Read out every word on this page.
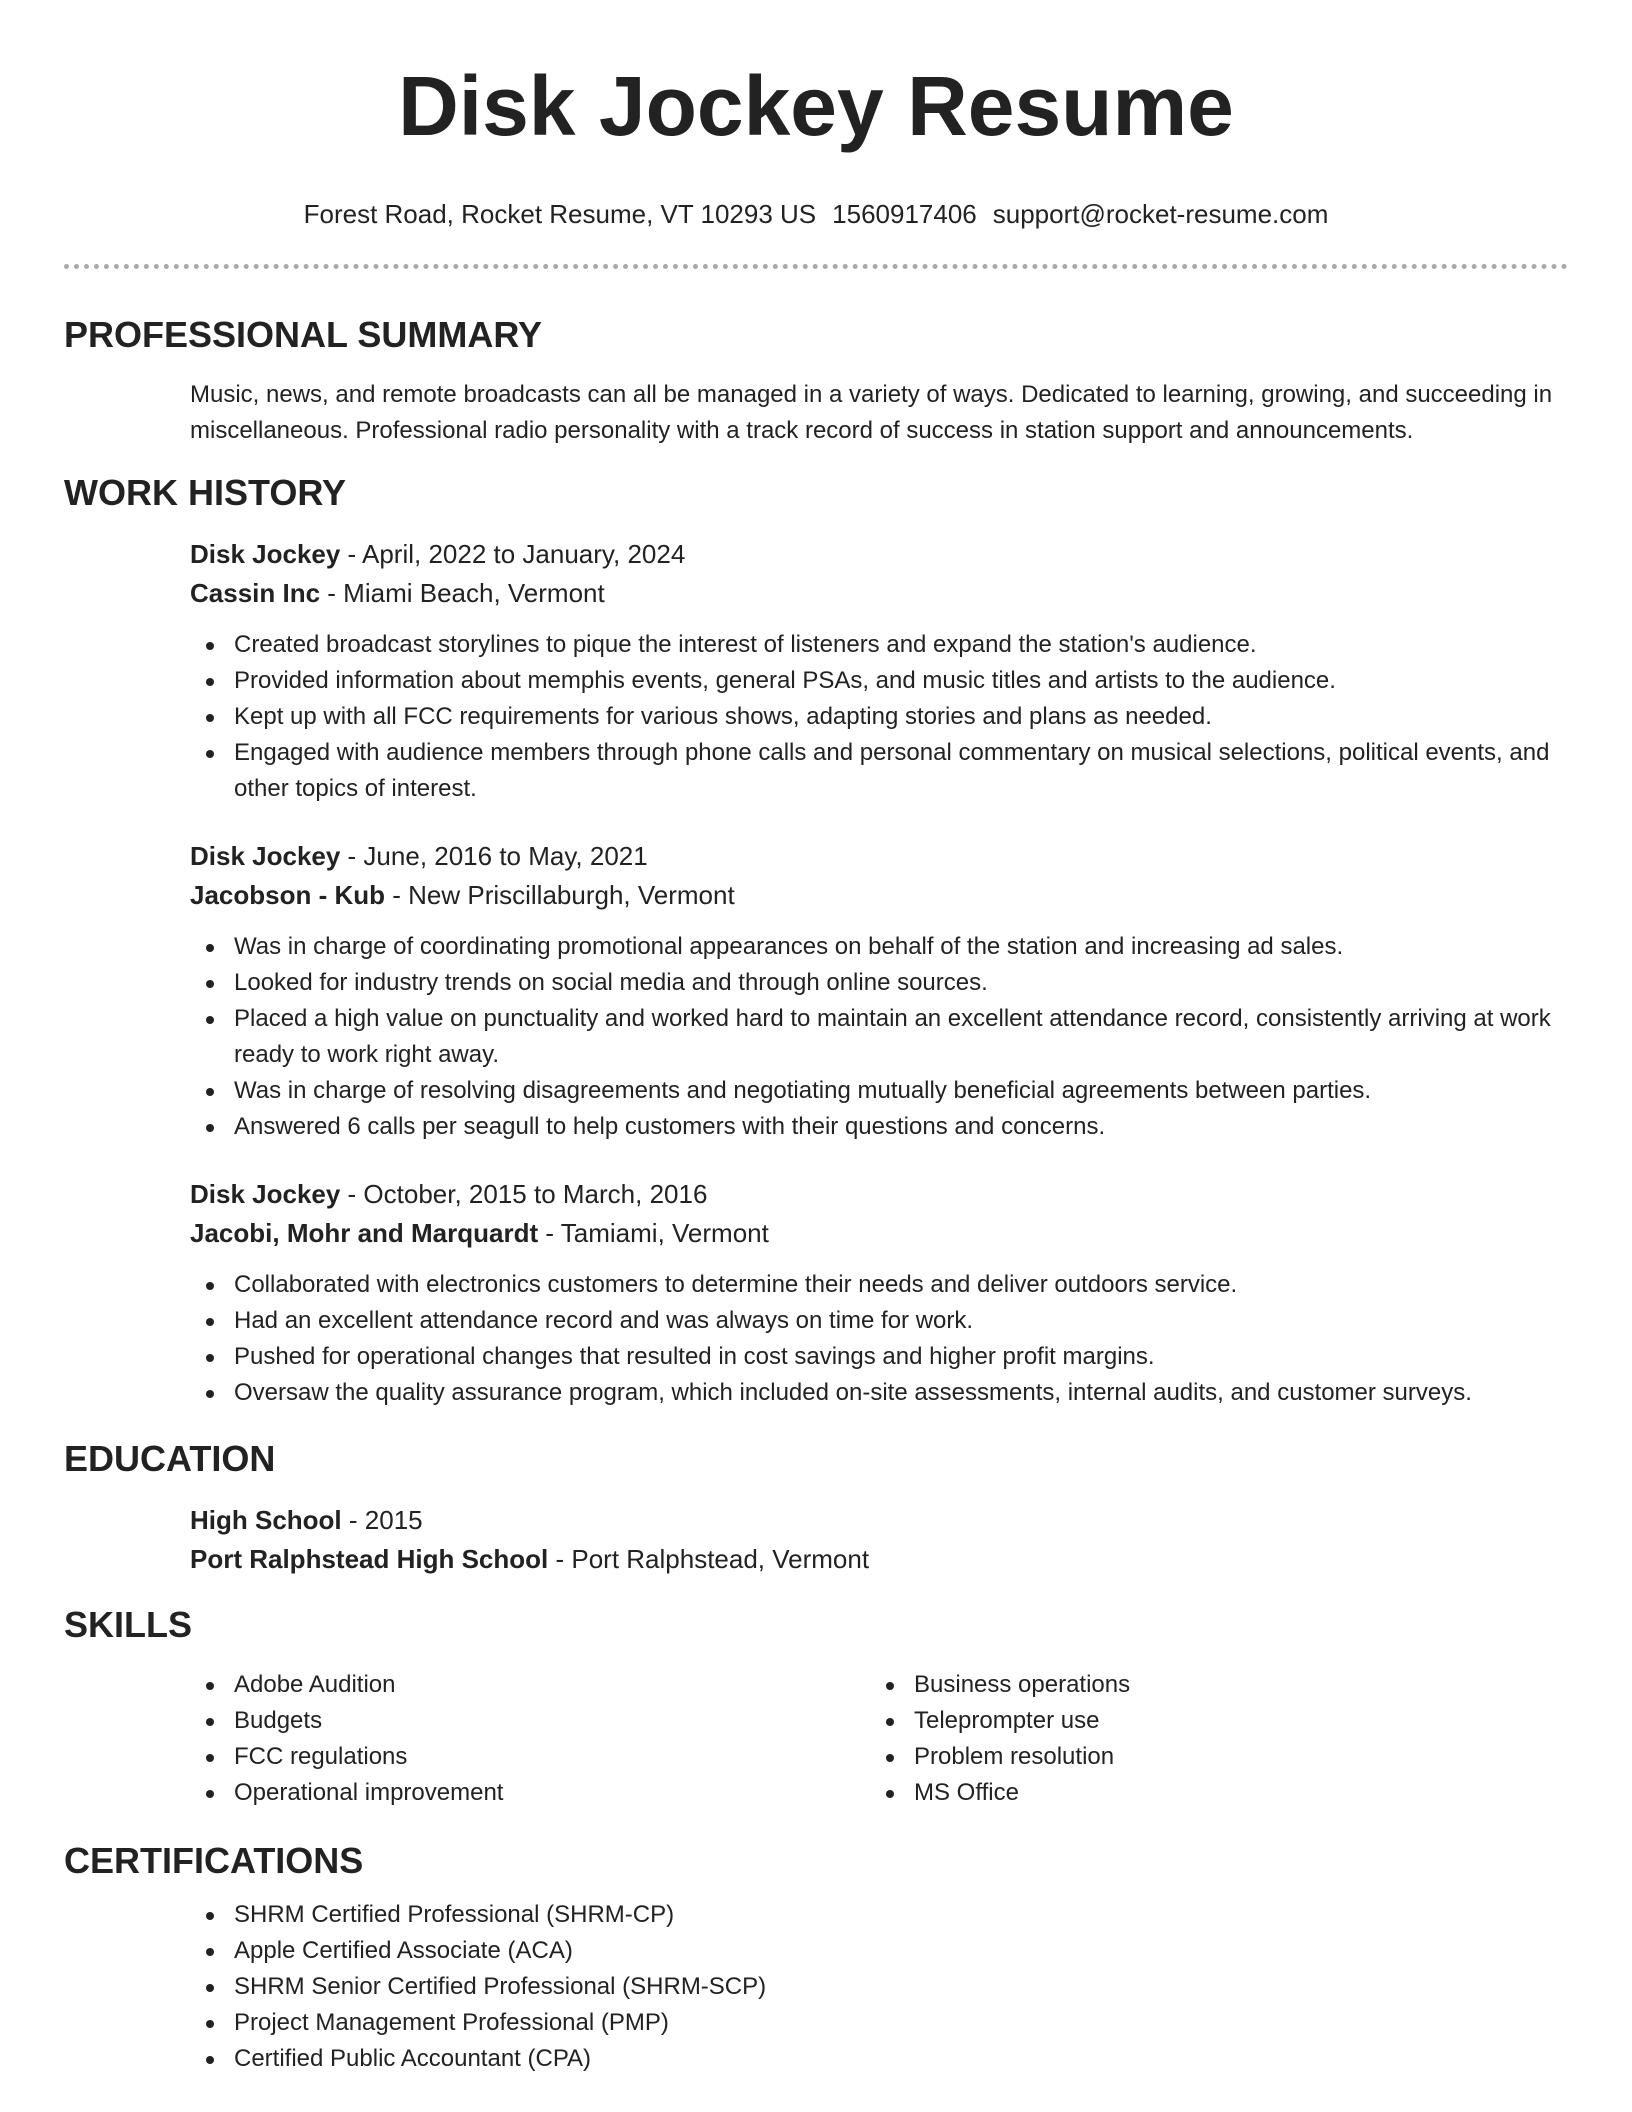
Disk Jockey Resume
Forest Road, Rocket Resume, VT 10293 US 1560917406 support@rocket-resume.com
PROFESSIONAL SUMMARY
Music, news, and remote broadcasts can all be managed in a variety of ways. Dedicated to learning, growing, and succeeding in miscellaneous. Professional radio personality with a track record of success in station support and announcements.
WORK HISTORY
Disk Jockey - April, 2022 to January, 2024
Cassin Inc - Miami Beach, Vermont
Created broadcast storylines to pique the interest of listeners and expand the station's audience.
Provided information about memphis events, general PSAs, and music titles and artists to the audience.
Kept up with all FCC requirements for various shows, adapting stories and plans as needed.
Engaged with audience members through phone calls and personal commentary on musical selections, political events, and other topics of interest.
Disk Jockey - June, 2016 to May, 2021
Jacobson - Kub - New Priscillaburgh, Vermont
Was in charge of coordinating promotional appearances on behalf of the station and increasing ad sales.
Looked for industry trends on social media and through online sources.
Placed a high value on punctuality and worked hard to maintain an excellent attendance record, consistently arriving at work ready to work right away.
Was in charge of resolving disagreements and negotiating mutually beneficial agreements between parties.
Answered 6 calls per seagull to help customers with their questions and concerns.
Disk Jockey - October, 2015 to March, 2016
Jacobi, Mohr and Marquardt - Tamiami, Vermont
Collaborated with electronics customers to determine their needs and deliver outdoors service.
Had an excellent attendance record and was always on time for work.
Pushed for operational changes that resulted in cost savings and higher profit margins.
Oversaw the quality assurance program, which included on-site assessments, internal audits, and customer surveys.
EDUCATION
High School - 2015
Port Ralphstead High School - Port Ralphstead, Vermont
SKILLS
Adobe Audition
Budgets
FCC regulations
Operational improvement
Business operations
Teleprompter use
Problem resolution
MS Office
CERTIFICATIONS
SHRM Certified Professional (SHRM-CP)
Apple Certified Associate (ACA)
SHRM Senior Certified Professional (SHRM-SCP)
Project Management Professional (PMP)
Certified Public Accountant (CPA)
